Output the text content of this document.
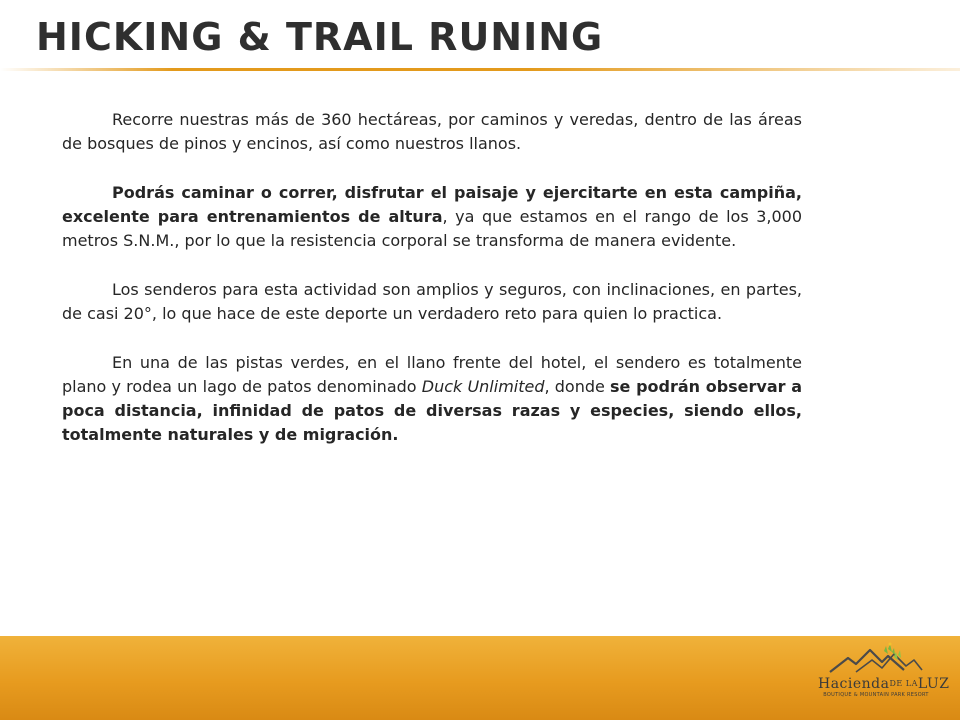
HICKING & TRAIL RUNING

Recorre nuestras más de 360 hectáreas, por caminos y veredas, dentro de las áreas de bosques de pinos y encinos, así como nuestros llanos.

Podrás caminar o correr, disfrutar el paisaje y ejercitarte en esta campiña, excelente para entrenamientos de altura, ya que estamos en el rango de los 3,000 metros S.N.M., por lo que la resistencia corporal se transforma de manera evidente.

Los senderos para esta actividad son amplios y seguros, con inclinaciones, en partes, de casi 20°, lo que hace de este deporte un verdadero reto para quien lo practica.

En una de las pistas verdes, en el llano frente del hotel, el sendero es totalmente plano y rodea un lago de patos denominado Duck Unlimited, donde se podrán observar a poca distancia, infinidad de patos de diversas razas y especies, siendo ellos, totalmente naturales y de migración.

HaciendaDE LALUZ
BOUTIQUE & MOUNTAIN PARK RESORT
